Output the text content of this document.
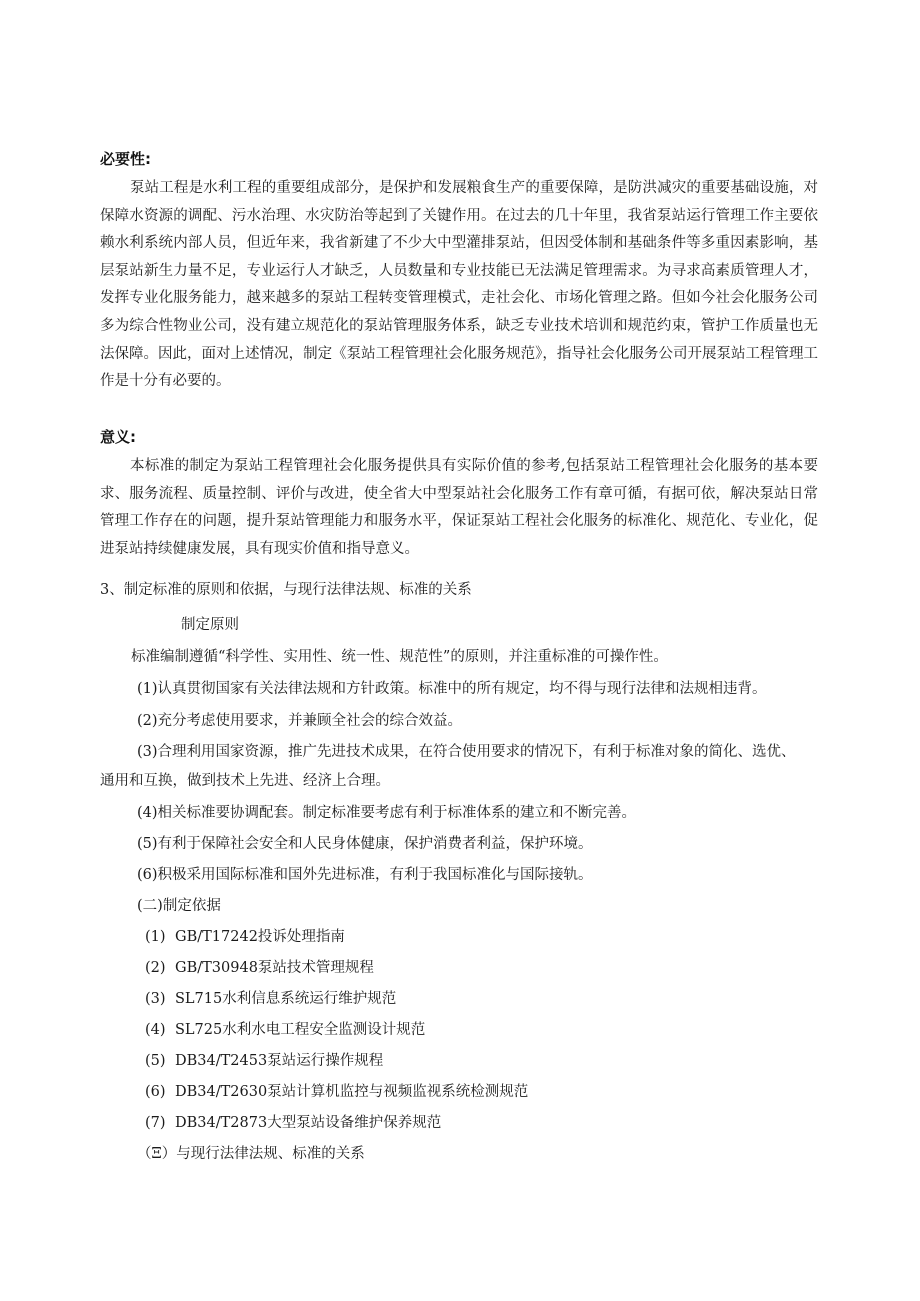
必要性:

泵站工程是水利工程的重要组成部分，是保护和发展粮食生产的重要保障，是防洪减灾的重要基础设施，对保障水资源的调配、污水治理、水灾防治等起到了关键作用。在过去的几十年里，我省泵站运行管理工作主要依赖水利系统内部人员，但近年来，我省新建了不少大中型灌排泵站，但因受体制和基础条件等多重因素影响，基层泵站新生力量不足，专业运行人才缺乏，人员数量和专业技能已无法满足管理需求。为寻求高素质管理人才，发挥专业化服务能力，越来越多的泵站工程转变管理模式，走社会化、市场化管理之路。但如今社会化服务公司多为综合性物业公司，没有建立规范化的泵站管理服务体系，缺乏专业技术培训和规范约束，管护工作质量也无法保障。因此，面对上述情况，制定《泵站工程管理社会化服务规范》，指导社会化服务公司开展泵站工程管理工作是十分有必要的。

意义:

本标准的制定为泵站工程管理社会化服务提供具有实际价值的参考,包括泵站工程管理社会化服务的基本要求、服务流程、质量控制、评价与改进，使全省大中型泵站社会化服务工作有章可循，有据可依，解决泵站日常管理工作存在的问题，提升泵站管理能力和服务水平，保证泵站工程社会化服务的标准化、规范化、专业化，促进泵站持续健康发展，具有现实价值和指导意义。

3、制定标准的原则和依据，与现行法律法规、标准的关系
制定原则
标准编制遵循“科学性、实用性、统一性、规范性”的原则，并注重标准的可操作性。
(1)认真贯彻国家有关法律法规和方针政策。标准中的所有规定，均不得与现行法律和法规相违背。
(2)充分考虑使用要求，并兼顾全社会的综合效益。
(3)合理利用国家资源，推广先进技术成果，在符合使用要求的情况下，有利于标准对象的简化、选优、
通用和互换，做到技术上先进、经济上合理。
(4)相关标准要协调配套。制定标准要考虑有利于标准体系的建立和不断完善。
(5)有利于保障社会安全和人民身体健康，保护消费者利益，保护环境。
(6)积极采用国际标准和国外先进标准，有利于我国标准化与国际接轨。
(二)制定依据
(1) GB/T17242投诉处理指南
(2) GB/T30948泵站技术管理规程
(3) SL715水利信息系统运行维护规范
(4) SL725水利水电工程安全监测设计规范
(5) DB34/T2453泵站运行操作规程
(6) DB34/T2630泵站计算机监控与视频监视系统检测规范
(7) DB34/T2873大型泵站设备维护保养规范
（Ξ）与现行法律法规、标准的关系
